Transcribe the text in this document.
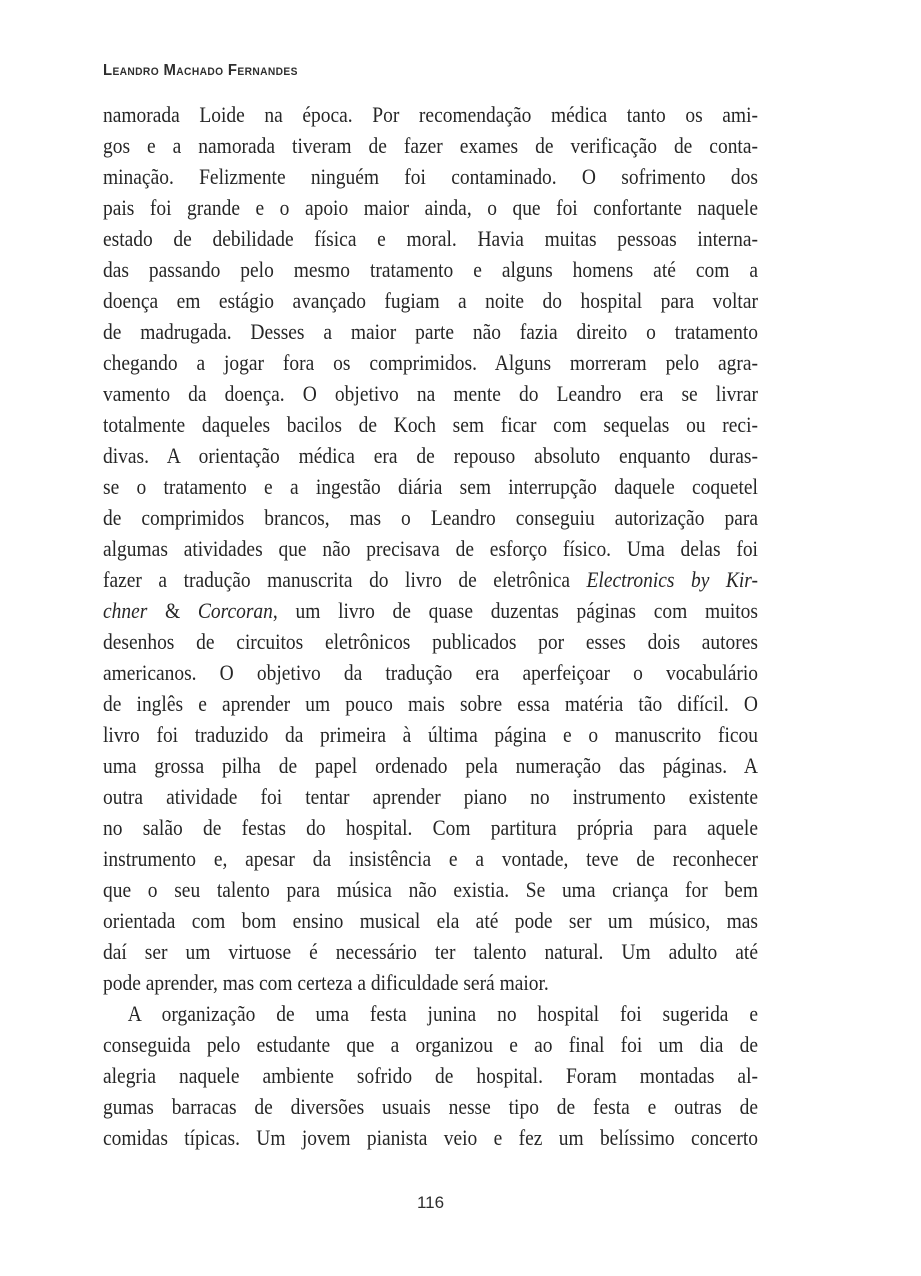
Leandro Machado Fernandes
namorada Loide na época. Por recomendação médica tanto os ami-
gos e a namorada tiveram de fazer exames de verificação de conta-
minação. Felizmente ninguém foi contaminado. O sofrimento dos
pais foi grande e o apoio maior ainda, o que foi confortante naquele
estado de debilidade física e moral. Havia muitas pessoas interna-
das passando pelo mesmo tratamento e alguns homens até com a
doença em estágio avançado fugiam a noite do hospital para voltar
de madrugada. Desses a maior parte não fazia direito o tratamento
chegando a jogar fora os comprimidos. Alguns morreram pelo agra-
vamento da doença. O objetivo na mente do Leandro era se livrar
totalmente daqueles bacilos de Koch sem ficar com sequelas ou reci-
divas. A orientação médica era de repouso absoluto enquanto duras-
se o tratamento e a ingestão diária sem interrupção daquele coquetel
de comprimidos brancos, mas o Leandro conseguiu autorização para
algumas atividades que não precisava de esforço físico. Uma delas foi
fazer a tradução manuscrita do livro de eletrônica Electronics by Kir-
chner & Corcoran, um livro de quase duzentas páginas com muitos
desenhos de circuitos eletrônicos publicados por esses dois autores
americanos. O objetivo da tradução era aperfeiçoar o vocabulário
de inglês e aprender um pouco mais sobre essa matéria tão difícil. O
livro foi traduzido da primeira à última página e o manuscrito ficou
uma grossa pilha de papel ordenado pela numeração das páginas. A
outra atividade foi tentar aprender piano no instrumento existente
no salão de festas do hospital. Com partitura própria para aquele
instrumento e, apesar da insistência e a vontade, teve de reconhecer
que o seu talento para música não existia. Se uma criança for bem
orientada com bom ensino musical ela até pode ser um músico, mas
daí ser um virtuose é necessário ter talento natural. Um adulto até
pode aprender, mas com certeza a dificuldade será maior.
A organização de uma festa junina no hospital foi sugerida e
conseguida pelo estudante que a organizou e ao final foi um dia de
alegria naquele ambiente sofrido de hospital. Foram montadas al-
gumas barracas de diversões usuais nesse tipo de festa e outras de
comidas típicas. Um jovem pianista veio e fez um belíssimo concerto
116
